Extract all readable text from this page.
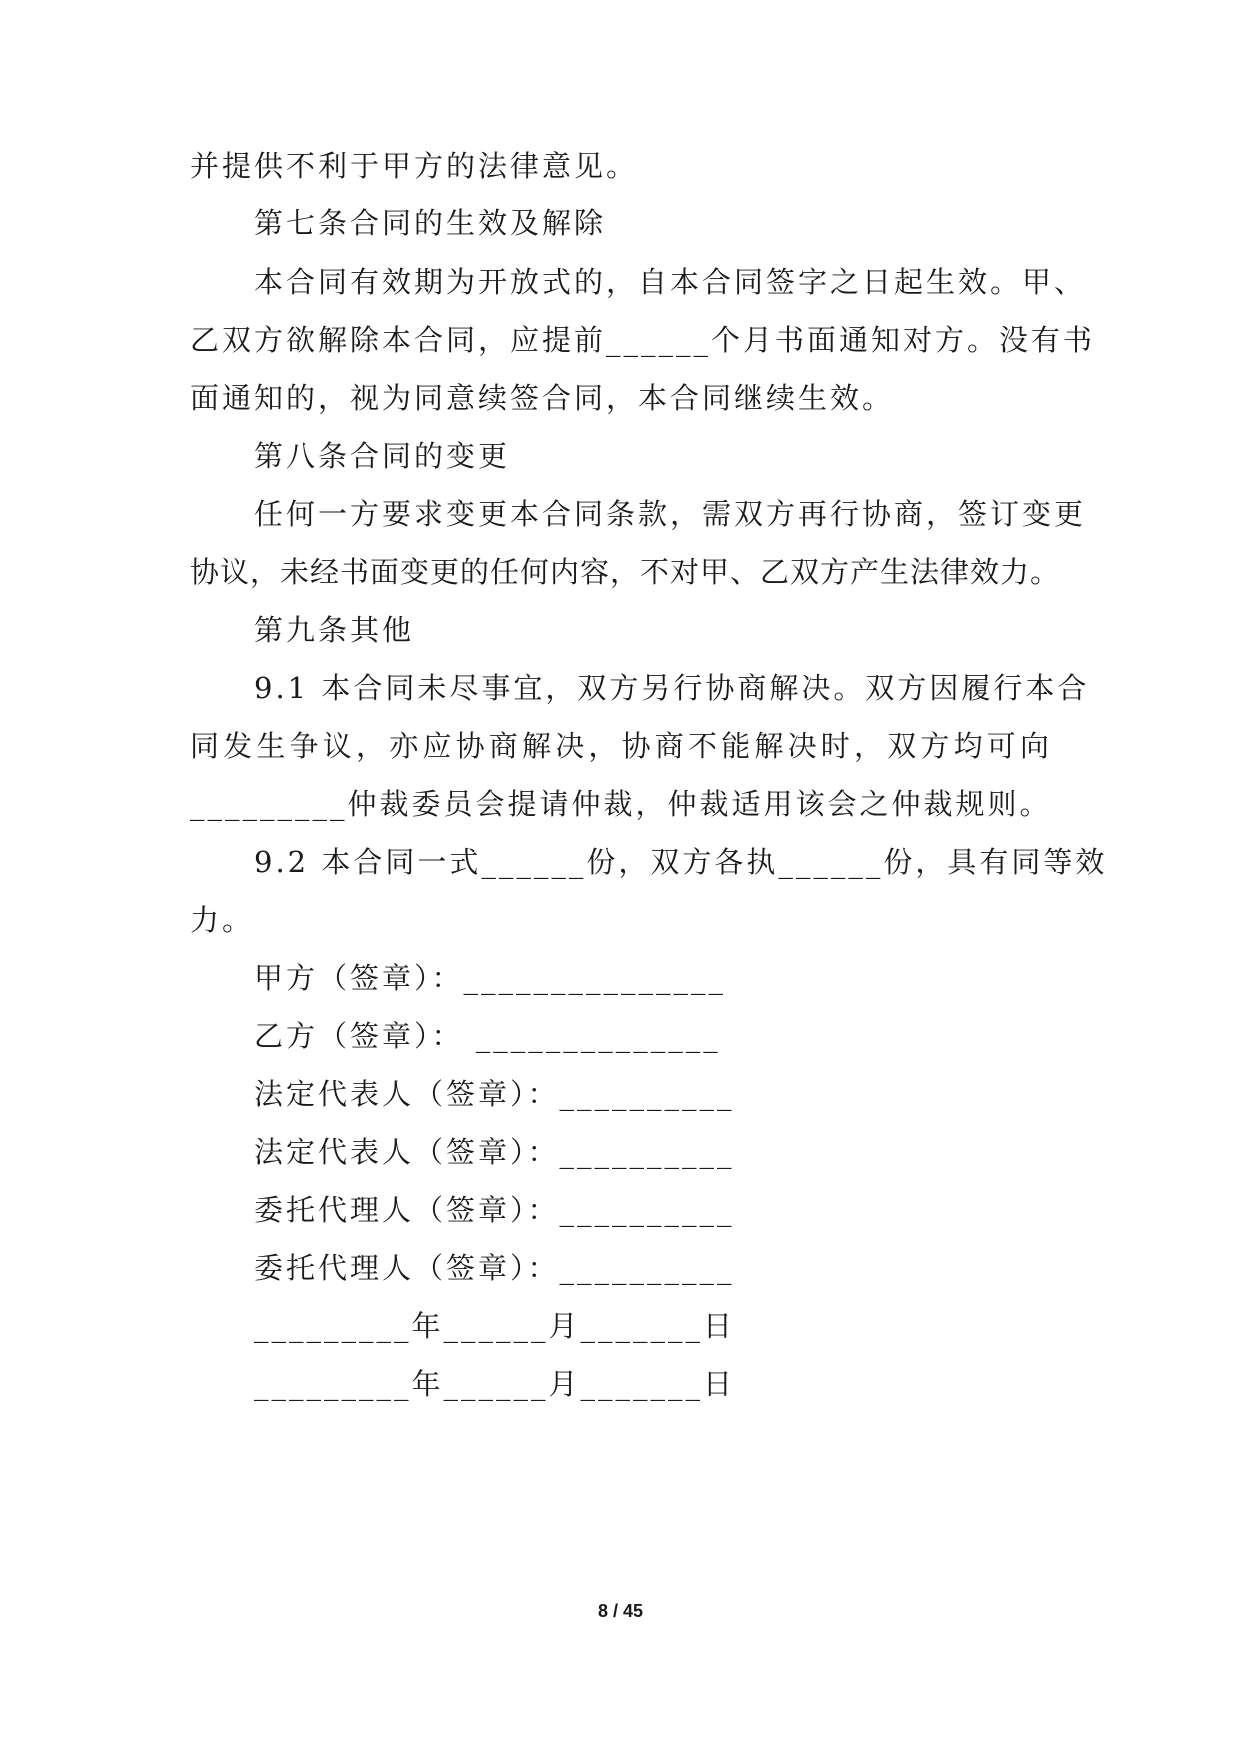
并提供不利于甲方的法律意见。
第七条合同的生效及解除
本合同有效期为开放式的，自本合同签字之日起生效。甲、
乙双方欲解除本合同，应提前______个月书面通知对方。没有书
面通知的，视为同意续签合同，本合同继续生效。
第八条合同的变更
任何一方要求变更本合同条款，需双方再行协商，签订变更
协议，未经书面变更的任何内容，不对甲、乙双方产生法律效力。
第九条其他
9.1 本合同未尽事宜，双方另行协商解决。双方因履行本合
同发生争议，亦应协商解决，协商不能解决时，双方均可向
_________仲裁委员会提请仲裁，仲裁适用该会之仲裁规则。
9.2 本合同一式______份，双方各执______份，具有同等效
力。
甲方（签章）：_______________
乙方（签章）： ______________
法定代表人（签章）：__________
法定代表人（签章）：__________
委托代理人（签章）：__________
委托代理人（签章）：__________
_________年______月_______日
_________年______月_______日
8 / 45
